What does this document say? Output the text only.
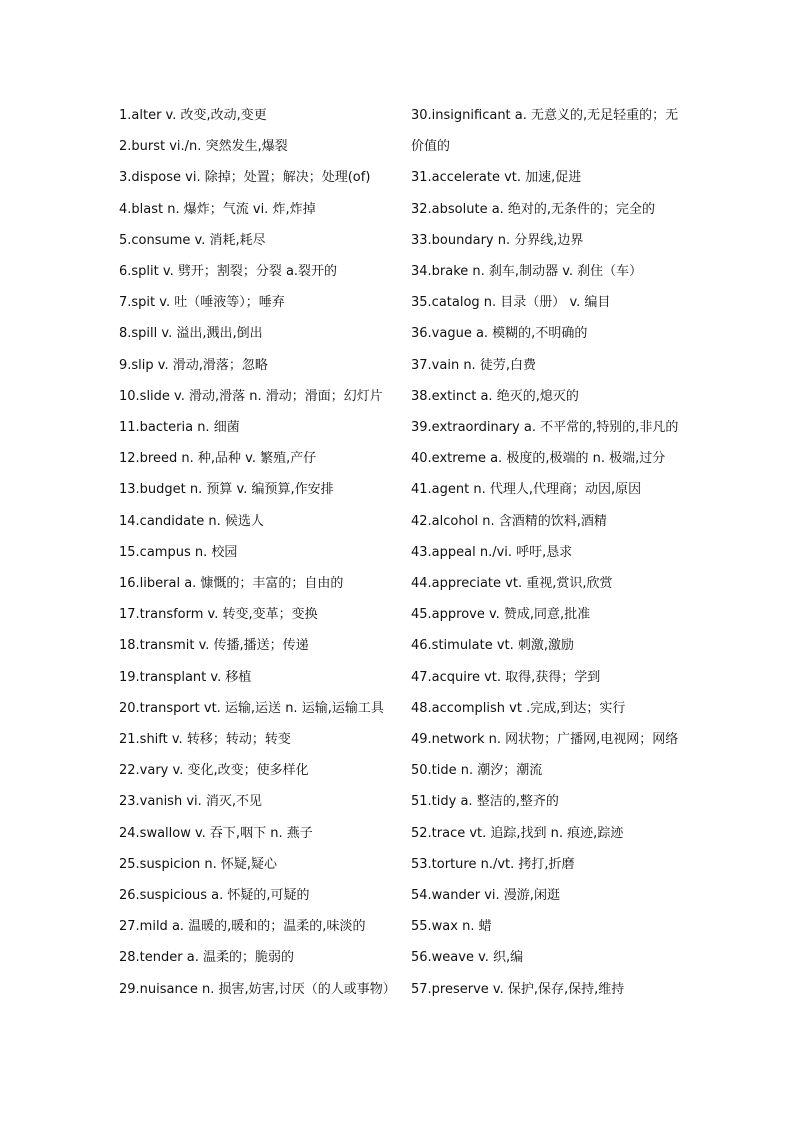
1.alter v. 改变,改动,变更
2.burst vi./n. 突然发生,爆裂
3.dispose vi. 除掉；处置；解决；处理(of)
4.blast n. 爆炸；气流 vi. 炸,炸掉
5.consume v. 消耗,耗尽
6.split v. 劈开；割裂；分裂 a.裂开的
7.spit v. 吐（唾液等）；唾弃
8.spill v. 溢出,溅出,倒出
9.slip v. 滑动,滑落；忽略
10.slide v. 滑动,滑落 n. 滑动；滑面；幻灯片
11.bacteria n. 细菌
12.breed n. 种,品种 v. 繁殖,产仔
13.budget n. 预算 v. 编预算,作安排
14.candidate n. 候选人
15.campus n. 校园
16.liberal a. 慷慨的；丰富的；自由的
17.transform v. 转变,变革；变换
18.transmit v. 传播,播送；传递
19.transplant v. 移植
20.transport vt. 运输,运送 n. 运输,运输工具
21.shift v. 转移；转动；转变
22.vary v. 变化,改变；使多样化
23.vanish vi. 消灭,不见
24.swallow v. 吞下,咽下 n. 燕子
25.suspicion n. 怀疑,疑心
26.suspicious a. 怀疑的,可疑的
27.mild a. 温暖的,暖和的；温柔的,味淡的
28.tender a. 温柔的；脆弱的
29.nuisance n. 损害,妨害,讨厌（的人或事物）
30.insignificant a. 无意义的,无足轻重的；无价值的
31.accelerate vt. 加速,促进
32.absolute a. 绝对的,无条件的；完全的
33.boundary n. 分界线,边界
34.brake n. 刹车,制动器 v. 刹住（车）
35.catalog n. 目录（册） v. 编目
36.vague a. 模糊的,不明确的
37.vain n. 徒劳,白费
38.extinct a. 绝灭的,熄灭的
39.extraordinary a. 不平常的,特别的,非凡的
40.extreme a. 极度的,极端的 n. 极端,过分
41.agent n. 代理人,代理商；动因,原因
42.alcohol n. 含酒精的饮料,酒精
43.appeal n./vi. 呼吁,恳求
44.appreciate vt. 重视,赏识,欣赏
45.approve v. 赞成,同意,批准
46.stimulate vt. 刺激,激励
47.acquire vt. 取得,获得；学到
48.accomplish vt .完成,到达；实行
49.network n. 网状物；广播网,电视网；网络
50.tide n. 潮汐；潮流
51.tidy a. 整洁的,整齐的
52.trace vt. 追踪,找到 n. 痕迹,踪迹
53.torture n./vt. 拷打,折磨
54.wander vi. 漫游,闲逛
55.wax n. 蜡
56.weave v. 织,编
57.preserve v. 保护,保存,保持,维持
